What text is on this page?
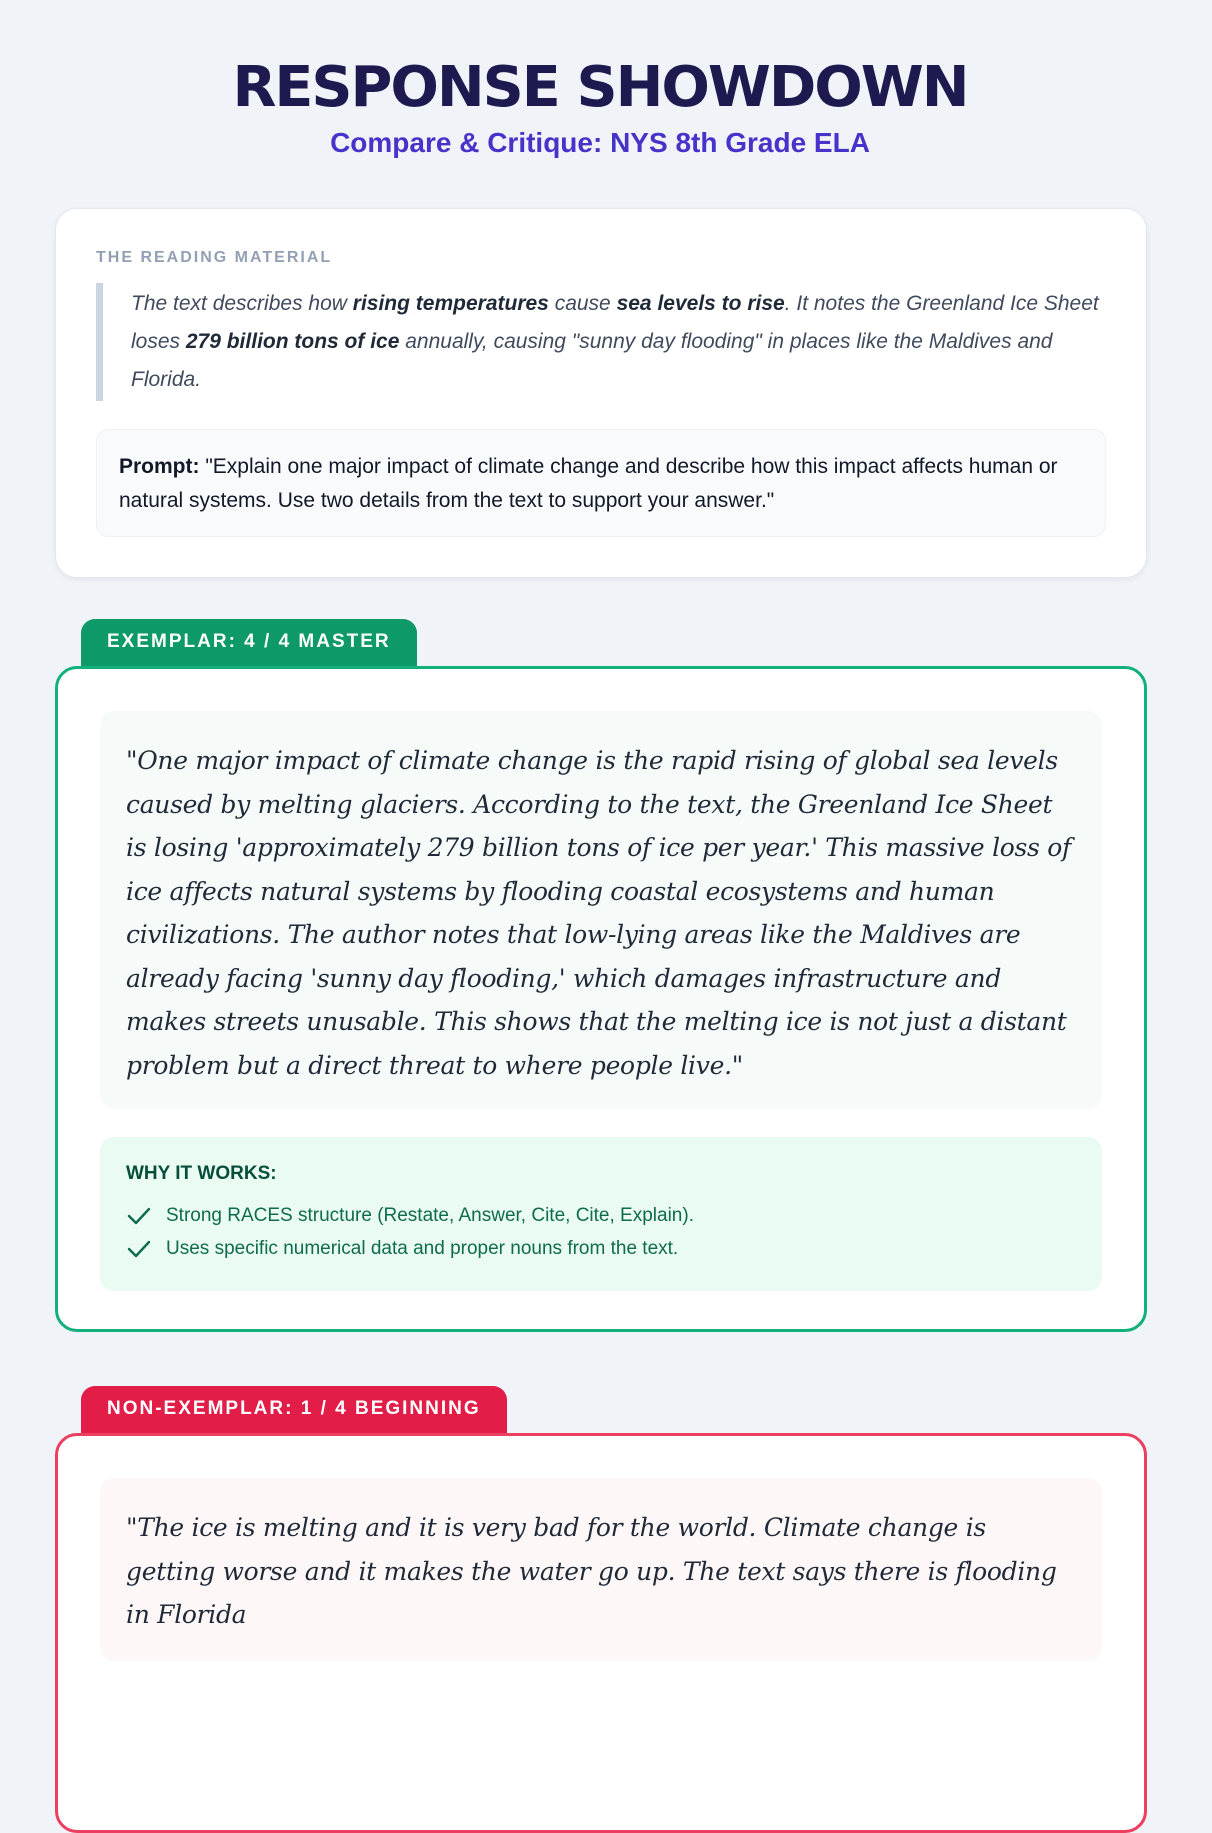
RESPONSE SHOWDOWN
Compare & Critique: NYS 8th Grade ELA
THE READING MATERIAL
The text describes how rising temperatures cause sea levels to rise. It notes the Greenland Ice Sheet loses 279 billion tons of ice annually, causing "sunny day flooding" in places like the Maldives and Florida.
Prompt: "Explain one major impact of climate change and describe how this impact affects human or natural systems. Use two details from the text to support your answer."
EXEMPLAR: 4 / 4 MASTER
"One major impact of climate change is the rapid rising of global sea levels caused by melting glaciers. According to the text, the Greenland Ice Sheet is losing 'approximately 279 billion tons of ice per year.' This massive loss of ice affects natural systems by flooding coastal ecosystems and human civilizations. The author notes that low-lying areas like the Maldives are already facing 'sunny day flooding,' which damages infrastructure and makes streets unusable. This shows that the melting ice is not just a distant problem but a direct threat to where people live."
WHY IT WORKS:
Strong RACES structure (Restate, Answer, Cite, Cite, Explain).
Uses specific numerical data and proper nouns from the text.
NON-EXEMPLAR: 1 / 4 BEGINNING
"The ice is melting and it is very bad for the world. Climate change is getting worse and it makes the water go up. The text says there is flooding in Florida
